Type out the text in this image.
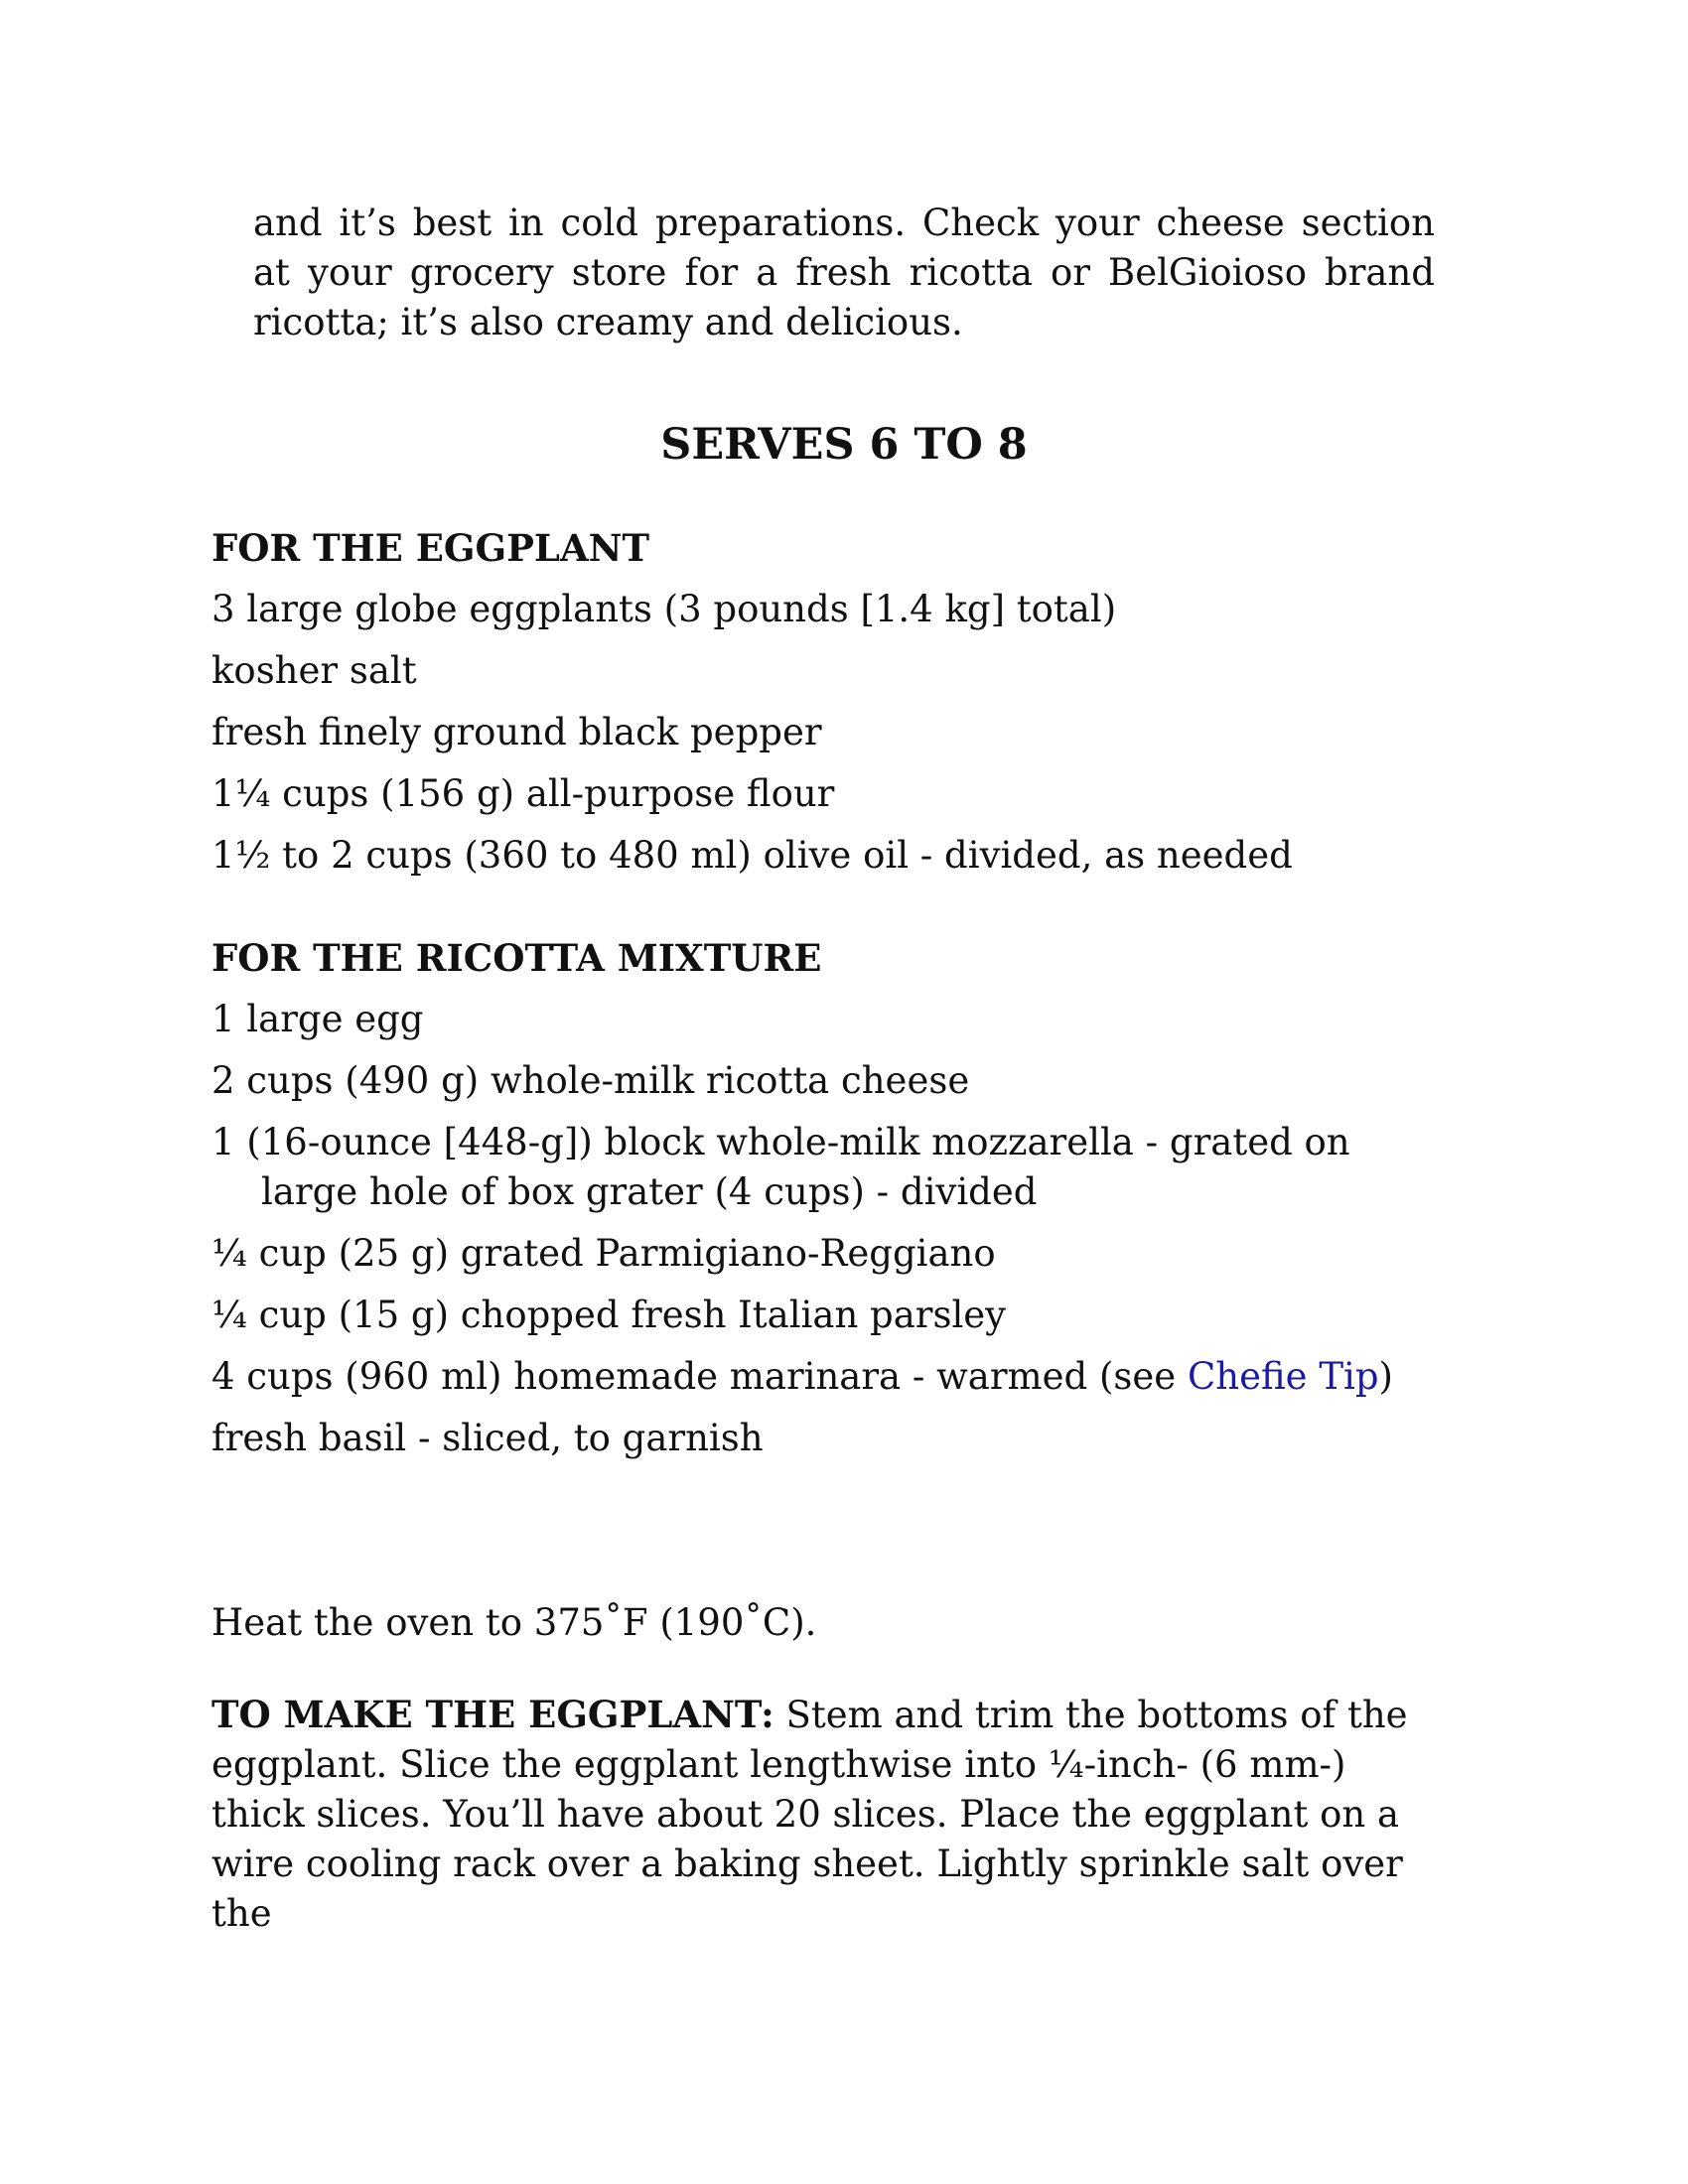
and it’s best in cold preparations. Check your cheese section at your grocery store for a fresh ricotta or BelGioioso brand ricotta; it’s also creamy and delicious.

SERVES 6 TO 8
FOR THE EGGPLANT
3 large globe eggplants (3 pounds [1.4 kg] total)
kosher salt
fresh finely ground black pepper
1¼ cups (156 g) all-purpose flour
1½ to 2 cups (360 to 480 ml) olive oil - divided, as needed
FOR THE RICOTTA MIXTURE
1 large egg
2 cups (490 g) whole-milk ricotta cheese
1 (16-ounce [448-g]) block whole-milk mozzarella - grated on large hole of box grater (4 cups) - divided
¼ cup (25 g) grated Parmigiano-Reggiano
¼ cup (15 g) chopped fresh Italian parsley
4 cups (960 ml) homemade marinara - warmed (see Chefie Tip)
fresh basil - sliced, to garnish

Heat the oven to 375˚F (190˚C).

TO MAKE THE EGGPLANT: Stem and trim the bottoms of the eggplant. Slice the eggplant lengthwise into ¼-inch- (6 mm-) thick slices. You’ll have about 20 slices. Place the eggplant on a wire cooling rack over a baking sheet. Lightly sprinkle salt over the
